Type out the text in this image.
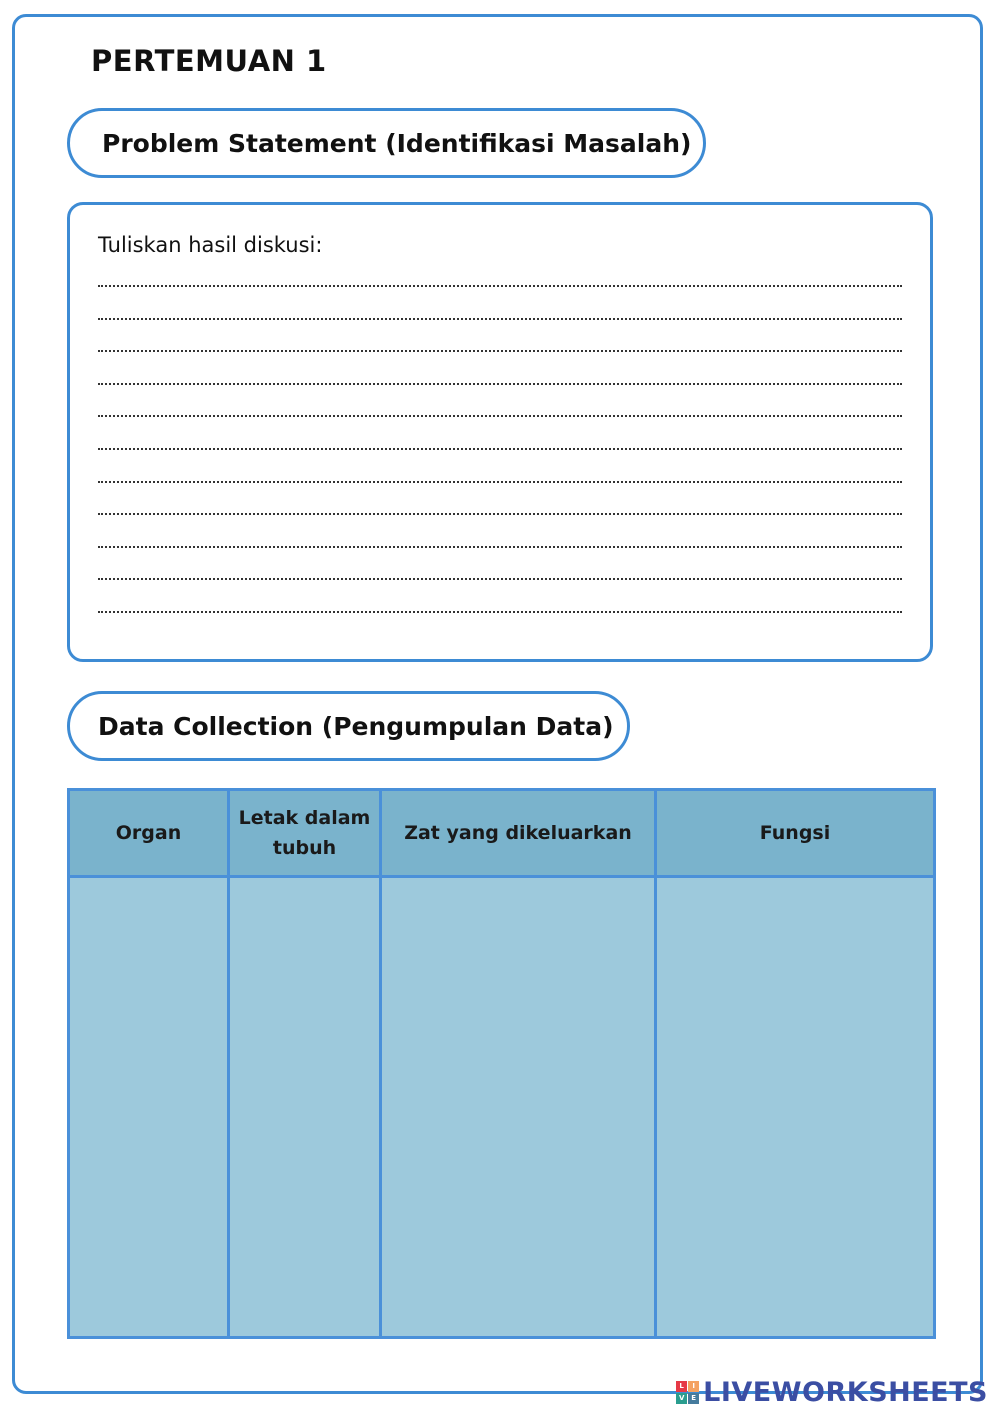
PERTEMUAN 1
Problem Statement (Identifikasi Masalah)
Tuliskan hasil diskusi:
Data Collection (Pengumpulan Data)
Organ	Letak dalam tubuh	Zat yang dikeluarkan	Fungsi

L	I
V E LIVEWORKSHEETS
